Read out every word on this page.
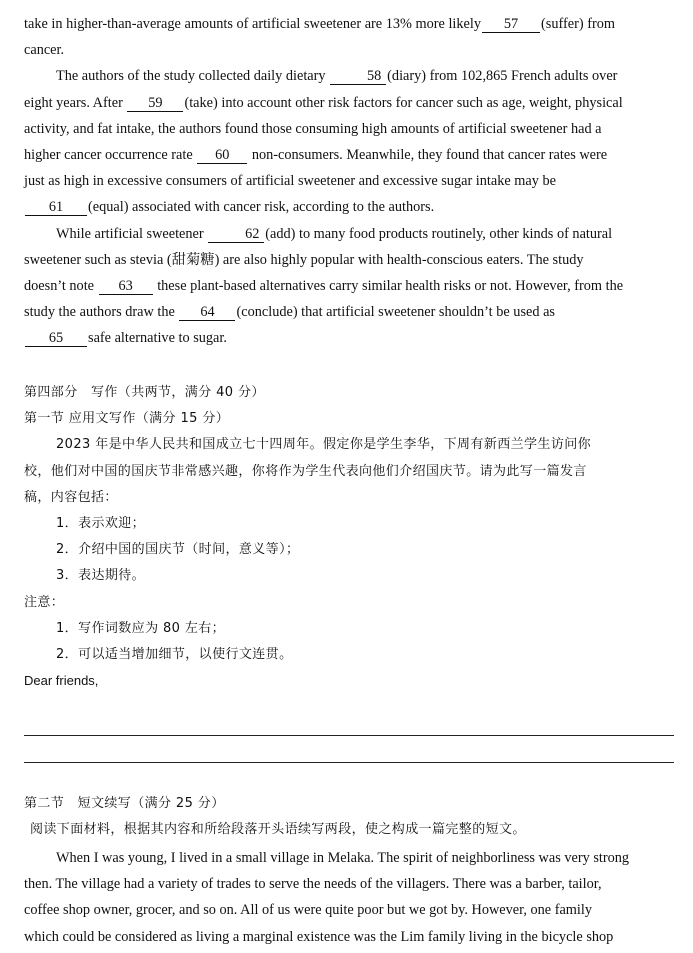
take in higher-than-average amounts of artificial sweetener are 13% more likely 57 (suffer) from

cancer.

The authors of the study collected daily dietary	58 (diary) from 102,865 French adults over

eight years. After 59 (take) into account other risk factors for cancer such as age, weight, physical

activity, and fat intake, the authors found those consuming high amounts of artificial sweetener had a

higher cancer occurrence rate 60 non-consumers. Meanwhile, they found that cancer rates were

just as high in excessive consumers of artificial sweetener and excessive sugar intake may be

61 (equal) associated with cancer risk, according to the authors.

While artificial sweetener	62 (add) to many food products routinely, other kinds of natural

sweetener such as stevia (甜菊糖) are also highly popular with health-conscious eaters. The study

doesn’t note 63 these plant-based alternatives carry similar health risks or not. However, from the

study the authors draw the 64 (conclude) that artificial sweetener shouldn’t be used as

65 safe alternative to sugar.

第四部分　写作（共两节，满分 40 分）

第一节 应用文写作（满分 15 分）

2023 年是中华人民共和国成立七十四周年。假定你是学生李华，下周有新西兰学生访问你

校，他们对中国的国庆节非常感兴趣，你将作为学生代表向他们介绍国庆节。请为此写一篇发言

稿，内容包括：

1．表示欢迎；

2．介绍中国的国庆节（时间，意义等）；

3．表达期待。

注意：

1．写作词数应为 80 左右；

2．可以适当增加细节，以使行文连贯。

Dear friends,

第二节　短文续写（满分 25 分）

阅读下面材料，根据其内容和所给段落开头语续写两段，使之构成一篇完整的短文。

When I was young, I lived in a small village in Melaka. The spirit of neighborliness was very strong

then. The village had a variety of trades to serve the needs of the villagers. There was a barber, tailor,

coffee shop owner, grocer, and so on. All of us were quite poor but we got by. However, one family

which could be considered as living a marginal existence was the Lim family living in the bicycle shop
